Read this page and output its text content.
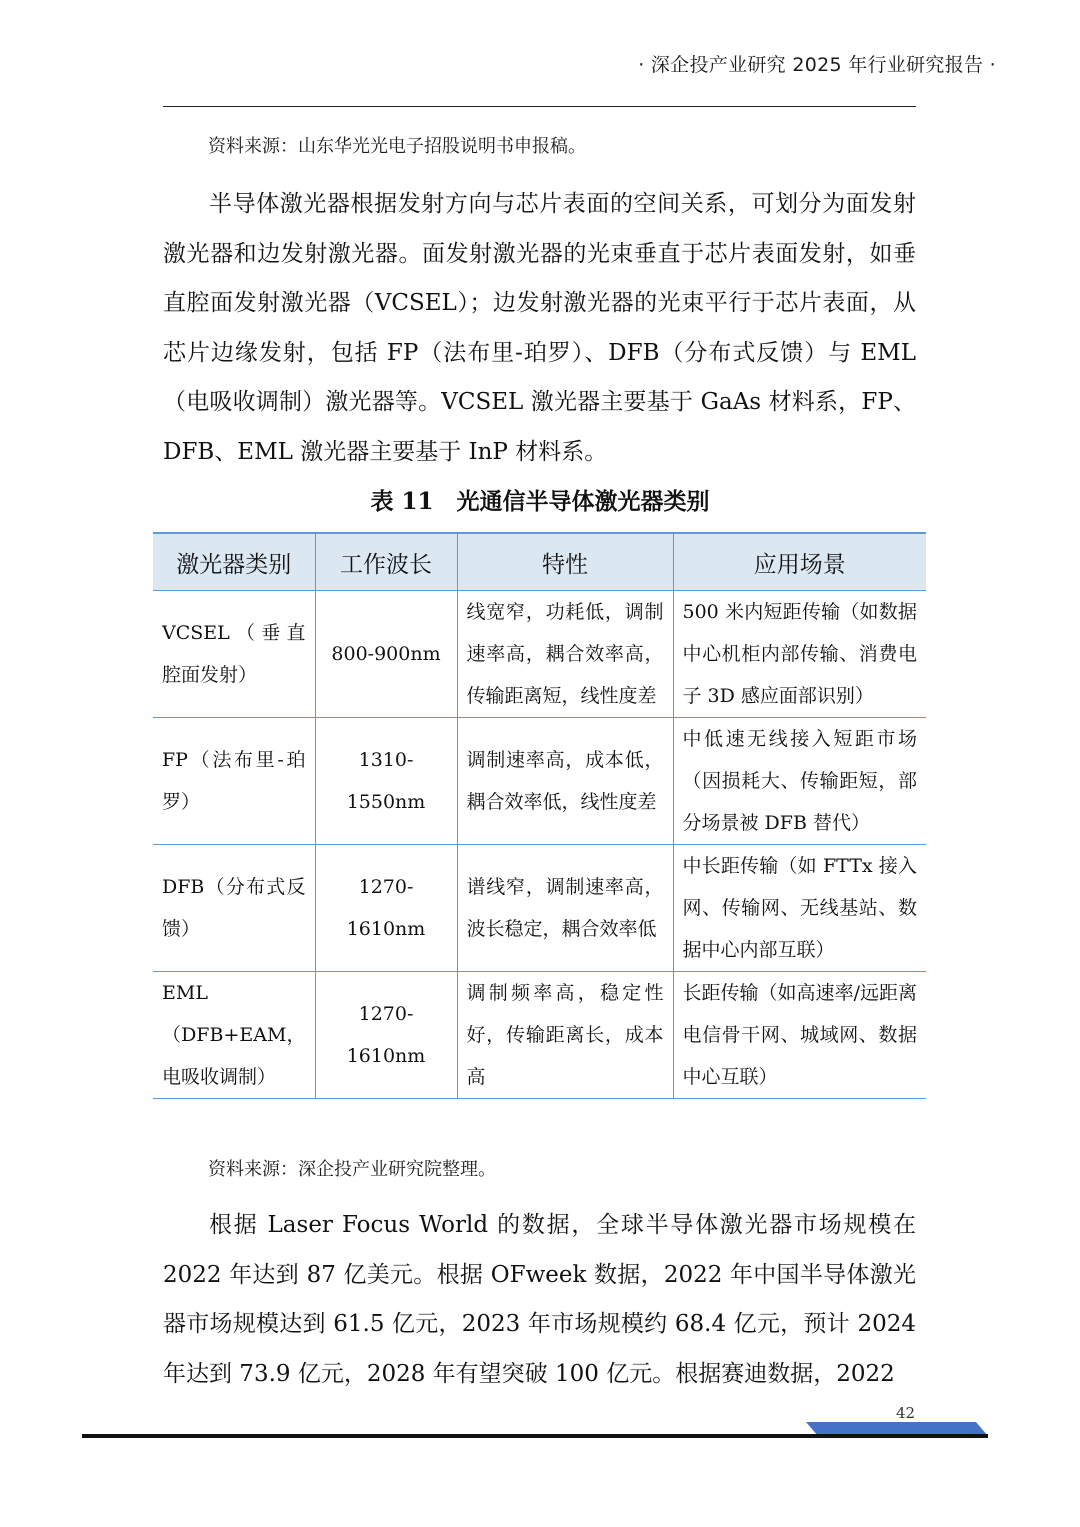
· 深企投产业研究 2025 年行业研究报告 ·
资料来源：山东华光光电子招股说明书申报稿。

半导体激光器根据发射方向与芯片表面的空间关系，可划分为面发射激光器和边发射激光器。面发射激光器的光束垂直于芯片表面发射，如垂直腔面发射激光器（VCSEL）；边发射激光器的光束平行于芯片表面，从芯片边缘发射，包括 FP（法布里-珀罗）、DFB（分布式反馈）与 EML（电吸收调制）激光器等。VCSEL 激光器主要基于 GaAs 材料系，FP、DFB、EML 激光器主要基于 InP 材料系。

表 11　光通信半导体激光器类别
激光器类别	工作波长	特性	应用场景
VCSEL（垂直腔面发射）	800-900nm	线宽窄，功耗低，调制速率高，耦合效率高，传输距离短，线性度差	500 米内短距传输（如数据中心机柜内部传输、消费电子 3D 感应面部识别）
FP（法布里-珀罗）	1310-1550nm	调制速率高，成本低，耦合效率低，线性度差	中低速无线接入短距市场（因损耗大、传输距短，部分场景被 DFB 替代）
DFB（分布式反馈）	1270-1610nm	谱线窄，调制速率高，波长稳定，耦合效率低	中长距传输（如 FTTx 接入网、传输网、无线基站、数据中心内部互联）
EML（DFB+EAM，电吸收调制）	1270-1610nm	调制频率高，稳定性好，传输距离长，成本高	长距传输（如高速率/远距离电信骨干网、城域网、数据中心互联）
资料来源：深企投产业研究院整理。

根据 Laser Focus World 的数据，全球半导体激光器市场规模在 2022 年达到 87 亿美元。根据 OFweek 数据，2022 年中国半导体激光器市场规模达到 61.5 亿元，2023 年市场规模约 68.4 亿元，预计 2024 年达到 73.9 亿元，2028 年有望突破 100 亿元。根据赛迪数据，2022

42
